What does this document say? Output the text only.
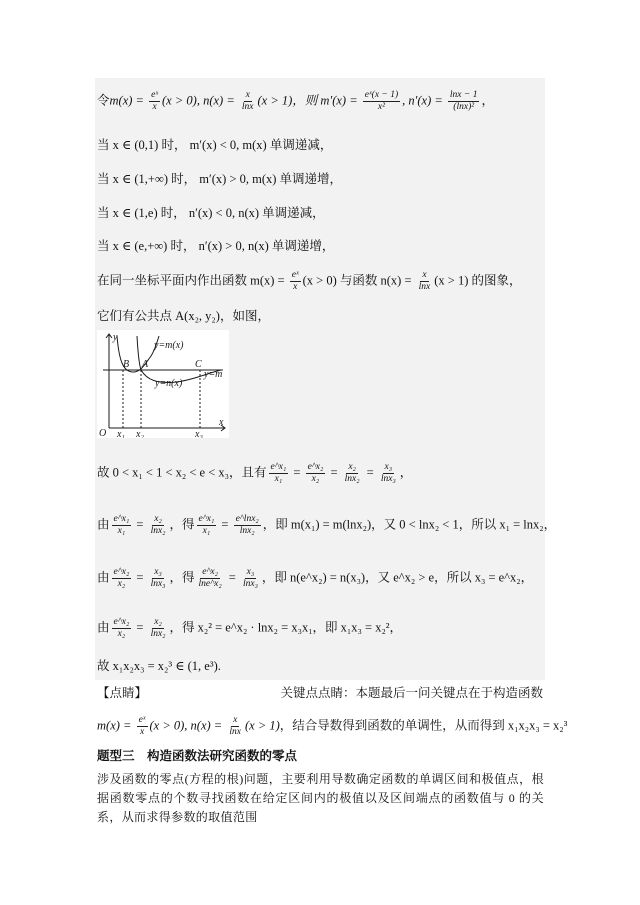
令$m(x) = \frac{\text{eˣ}}{x} (x > 0)$, $n(x) = \frac{x}{\ln x} (x > 1)$，则 $m'(x) = \frac{\text{eˣ(x − 1)}}{\text{x²}}$ , $n'(x) = \frac{\ln x - 1}{\text{(lnx)²}}$ ，
当 x ∈ (0,1) 时， m′(x) < 0, m(x) 单调递减，
当 x ∈ (1,+∞) 时， m′(x) > 0, m(x) 单调递增，
当 x ∈ (1,e) 时， n′(x) < 0, n(x) 单调递减，
当 x ∈ (e,+∞) 时， n′(x) > 0, n(x) 单调递增，
在同一坐标平面内作出函数 $m(x) = \frac{\text{eˣ}}{x} (x > 0)$ 与函数 $n(x) = \frac{x}{\ln x} (x > 1)$ 的图象，
它们有公共点 A(x₂, y₂)，如图，
y
x
O
B A	C
y=m(x)
y=n(x)
y=m
x₁ x₂	x₃
故 0 < x₁ < 1 < x₂ < e < x₃，且有 $\frac{\text{e\textasciicircum{}x₁}}{\text{x₁}} = \frac{\text{e\textasciicircum{}x₂}}{\text{x₂}} = \frac{\text{x₂}}{\text{lnx₂}} = \frac{\text{x₃}}{\text{lnx₃}}$ ，
由 $\frac{\text{e\textasciicircum{}x₁}}{\text{x₁}} = \frac{\text{x₂}}{\text{lnx₂}}$ ，得 $\frac{\text{e\textasciicircum{}x₁}}{\text{x₁}} = \frac{\text{e\textasciicircum{}lnx₂}}{\text{lnx₂}}$ ，即 m(x₁) = m(lnx₂)，又 0 < lnx₂ < 1，所以 x₁ = lnx₂，
由 $\frac{\text{e\textasciicircum{}x₂}}{\text{x₂}} = \frac{\text{x₃}}{\text{lnx₃}}$ ，得 $\frac{\text{e\textasciicircum{}x₂}}{\text{lne\textasciicircum{}x₂}} = \frac{\text{x₃}}{\text{lnx₃}}$ ，即 n(e^x₂) = n(x₃)，又 e^x₂ > e，所以 x₃ = e^x₂，
由 $\frac{\text{e\textasciicircum{}x₂}}{\text{x₂}} = \frac{\text{x₂}}{\text{lnx₂}}$ ，得 x₂² = e^x₂ · lnx₂ = x₃x₁，即 x₁x₃ = x₂²，
故 x₁x₂x₃ = x₂³ ∈ (1, e³).
【点睛】	关键点点睛：本题最后一问关键点在于构造函数
$m(x) = \frac{\text{eˣ}}{x} (x > 0)$, $n(x) = \frac{x}{\ln x} (x > 1)$，结合导数得到函数的单调性，从而得到 x₁x₂x₃ = x₂³
题型三　构造函数法研究函数的零点
涉及函数的零点(方程的根)问题，主要利用导数确定函数的单调区间和极值点，根据函数零点的个数寻找函数在给定区间内的极值以及区间端点的函数值与 0 的关系，从而求得参数的取值范围
